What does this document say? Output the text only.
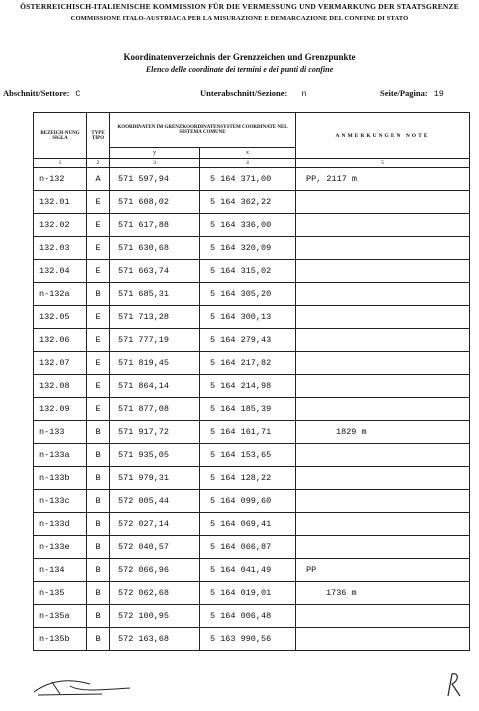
ÖSTERREICHISCH-ITALIENISCHE KOMMISSION FÜR DIE VERMESSUNG UND VERMARKUNG DER STAATSGRENZE
COMMISSIONE ITALO-AUSTRIACA PER LA MISURAZIONE E DEMARCAZIONE DEL CONFINE DI STATO
Koordinatenverzeichnis der Grenzzeichen und Grenzpunkte
Elenco delle coordinate dei termini e dei punti di confine
Abschnitt/Settore: C	Unterabschnitt/Sezione: n	Seite/Pagina: 19
BEZEICH-NUNG SIGLA	TYPE TIPO	KOORDINATEN IM GRENZKOORDINATENSYSTEM COORDINATE NEL SISTEMA COMUNE		ANMERKUNGEN NOTE
		y	x	
1	2	3	4	5
n-132	A	571 597,94	5 164 371,00	PP, 2117 m
132.01	E	571 608,02	5 164 362,22	
132.02	E	571 617,88	5 164 336,00	
132.03	E	571 630,68	5 164 320,09	
132.04	E	571 663,74	5 164 315,02	
n-132a	B	571 685,31	5 164 305,20	
132.05	E	571 713,28	5 164 300,13	
132.06	E	571 777,19	5 164 279,43	
132.07	E	571 819,45	5 164 217,82	
132.08	E	571 864,14	5 164 214,98	
132.09	E	571 877,08	5 164 185,39	
n-133	B	571 917,72	5 164 161,71	1829 m
n-133a	B	571 935,05	5 164 153,65	
n-133b	B	571 979,31	5 164 128,22	
n-133c	B	572 005,44	5 164 099,60	
n-133d	B	572 027,14	5 164 069,41	
n-133e	B	572 040,57	5 164 066,87	
n-134	B	572 066,96	5 164 041,49	PP
n-135	B	572 062,68	5 164 019,01	1736 m
n-135a	B	572 100,95	5 164 006,48	
n-135b	B	572 163,68	5 163 990,56	
